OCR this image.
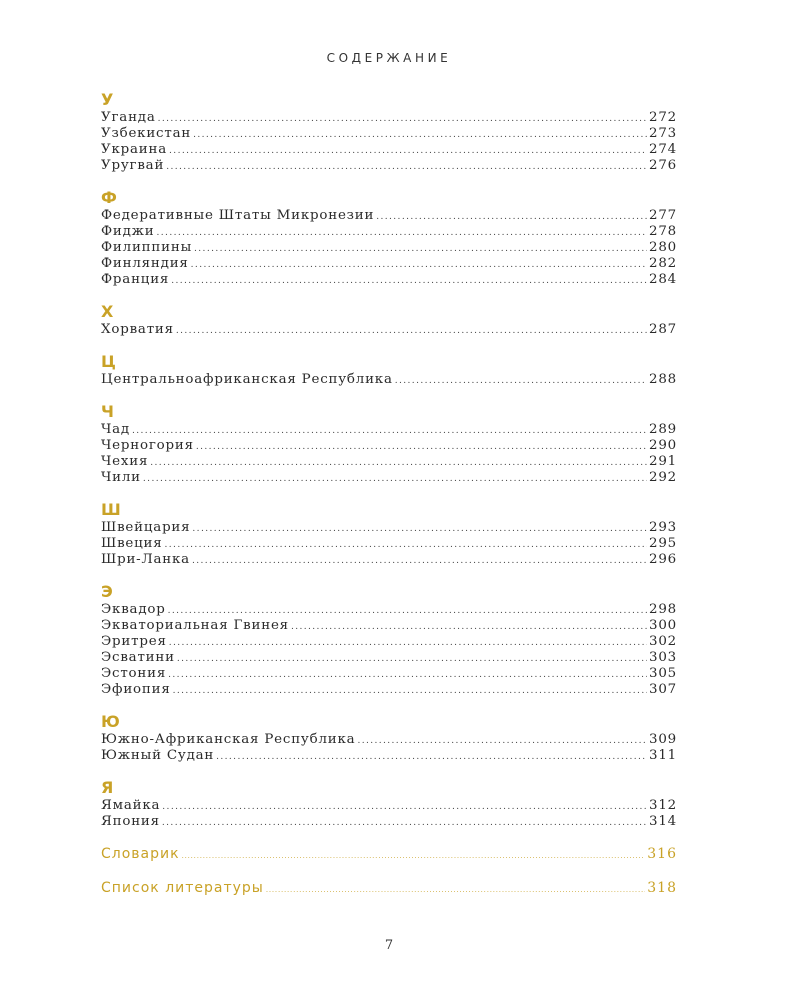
СОДЕРЖАНИЕ
У
Уганда .....	272
Узбекистан .....	273
Украина .....	274
Уругвай .....	276
Ф
Федеративные Штаты Микронезии .....	277
Фиджи .....	278
Филиппины .....	280
Финляндия .....	282
Франция .....	284
Х
Хорватия .....	287
Ц
Центральноафриканская Республика .....	288
Ч
Чад .....	289
Черногория .....	290
Чехия .....	291
Чили .....	292
Ш
Швейцария .....	293
Швеция .....	295
Шри-Ланка .....	296
Э
Эквадор .....	298
Экваториальная Гвинея .....	300
Эритрея .....	302
Эсватини .....	303
Эстония .....	305
Эфиопия .....	307
Ю
Южно-Африканская Республика .....	309
Южный Судан .....	311
Я
Ямайка .....	312
Япония .....	314
Словарик .....	316
Список литературы .....	318
7
